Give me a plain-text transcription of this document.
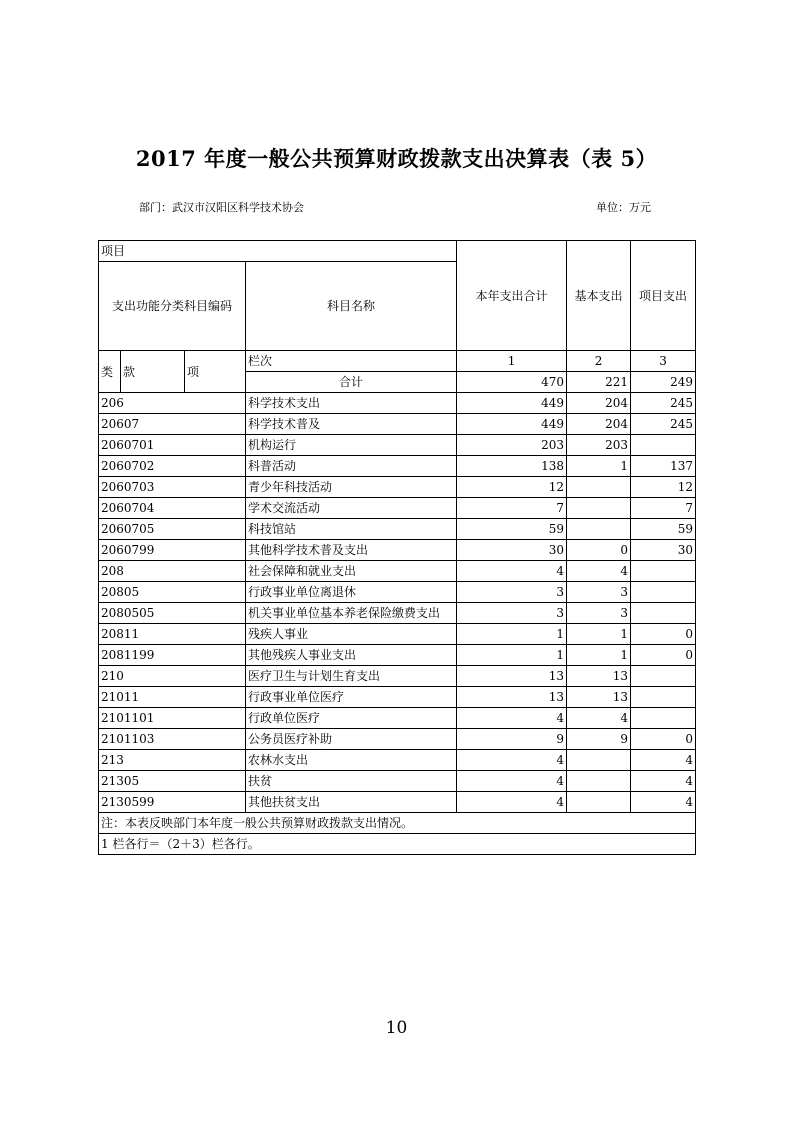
2017 年度一般公共预算财政拨款支出决算表（表 5）
部门：武汉市汉阳区科学技术协会	单位：万元
项目				本年支出合计	基本支出	项目支出
支出功能分类科目编码			科目名称			
类	款	项	栏次	1	2	3
			合计	470	221	249
206			科学技术支出	449	204	245
20607			科学技术普及	449	204	245
2060701			机构运行	203	203	
2060702			科普活动	138	1	137
2060703			青少年科技活动	12		12
2060704			学术交流活动	7		7
2060705			科技馆站	59		59
2060799			其他科学技术普及支出	30	0	30
208			社会保障和就业支出	4	4	
20805			行政事业单位离退休	3	3	
2080505			机关事业单位基本养老保险缴费支出	3	3	
20811			残疾人事业	1	1	0
2081199			其他残疾人事业支出	1	1	0
210			医疗卫生与计划生育支出	13	13	
21011			行政事业单位医疗	13	13	
2101101			行政单位医疗	4	4	
2101103			公务员医疗补助	9	9	0
213			农林水支出	4		4
21305			扶贫	4		4
2130599			其他扶贫支出	4		4
注：本表反映部门本年度一般公共预算财政拨款支出情况。						
1 栏各行＝（2＋3）栏各行。						
10
